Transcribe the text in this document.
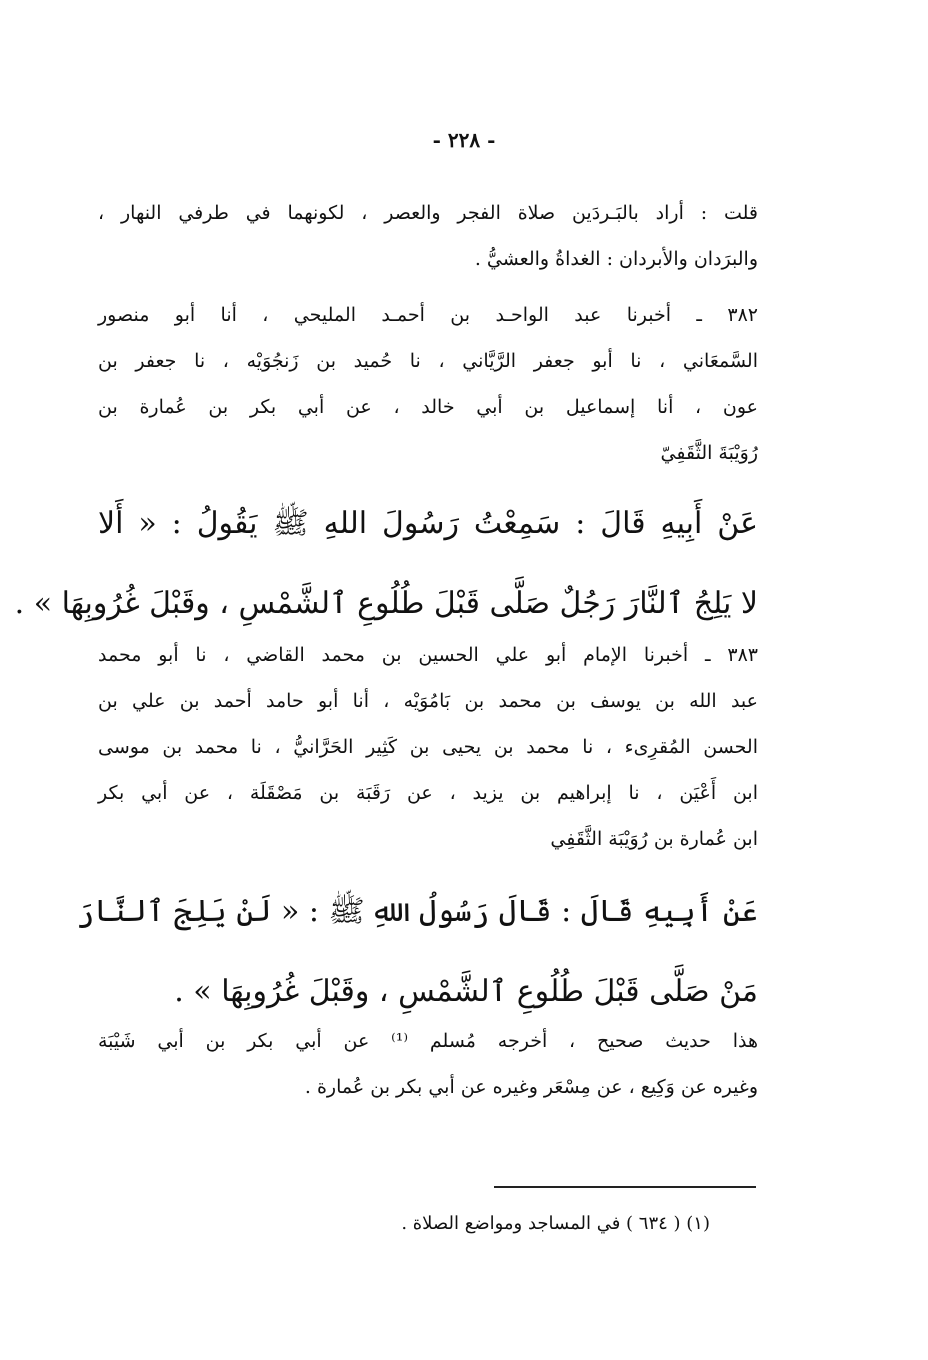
- ٢٢٨ -
قلت : أراد بالبَـردَين صلاة الفجر والعصر ، لكونهما في طرفي النهار ،
والبرَدان والأبردان : الغداةُ والعشيُّ .
٣٨٢ ـ أخبرنا عبد الواحـد بن أحمـد المليحي ، أنا أبو منصور
السَّمعَاني ، نا أبو جعفر الرَّيَّاني ، نا حُميد بن زَنجُوَيْه ، نا جعفر بن
عون ، أنا إسماعيل بن أبي خالد ، عن أبي بكر بن عُمارة بن
رُوَيْبَةَ الثَّقَفِيّ
عَنْ أَبِيهِ قَالَ : سَمِعْتُ رَسُولَ اللهِ ﷺ يَقُولُ : « أَلا
لا يَلِجُ ٱلنَّارَ رَجُلٌ صَلَّى قَبْلَ طُلُوعِ ٱلشَّمْسِ ، وقَبْلَ غُرُوبِهَا » .
٣٨٣ ـ أخبرنا الإمام أبو علي الحسين بن محمد القاضي ، نا أبو محمد
عبد الله بن يوسف بن محمد بن بَامُوَيْه ، أنا أبو حامد أحمد بن علي بن
الحسن المُقرِىء ، نا محمد بن يحيى بن كَثِير الحَرَّانيُّ ، نا محمد بن موسى
ابن أَعْيَن ، نا إبراهيم بن يزيد ، عن رَقَبَة بن مَصْقَلَة ، عن أبي بكر
ابن عُمارة بن رُوَيْبَة الثَّقَفِي
عَنْ أَبِيهِ قَالَ : قَالَ رَسُولُ اللهِ ﷺ : « لَنْ يَلِجَ ٱلنَّارَ
مَنْ صَلَّى قَبْلَ طُلُوعِ ٱلشَّمْسِ ، وقَبْلَ غُرُوبِهَا » .
هذا حديث صحيح ، أخرجه مُسلم ⁽¹⁾ عن أبي بكر بن أبي شَيْبَة
وغيره عن وَكِيع ، عن مِسْعَر وغيره عن أبي بكر بن عُمارة .
(١) ( ٦٣٤ ) في المساجد ومواضع الصلاة .
